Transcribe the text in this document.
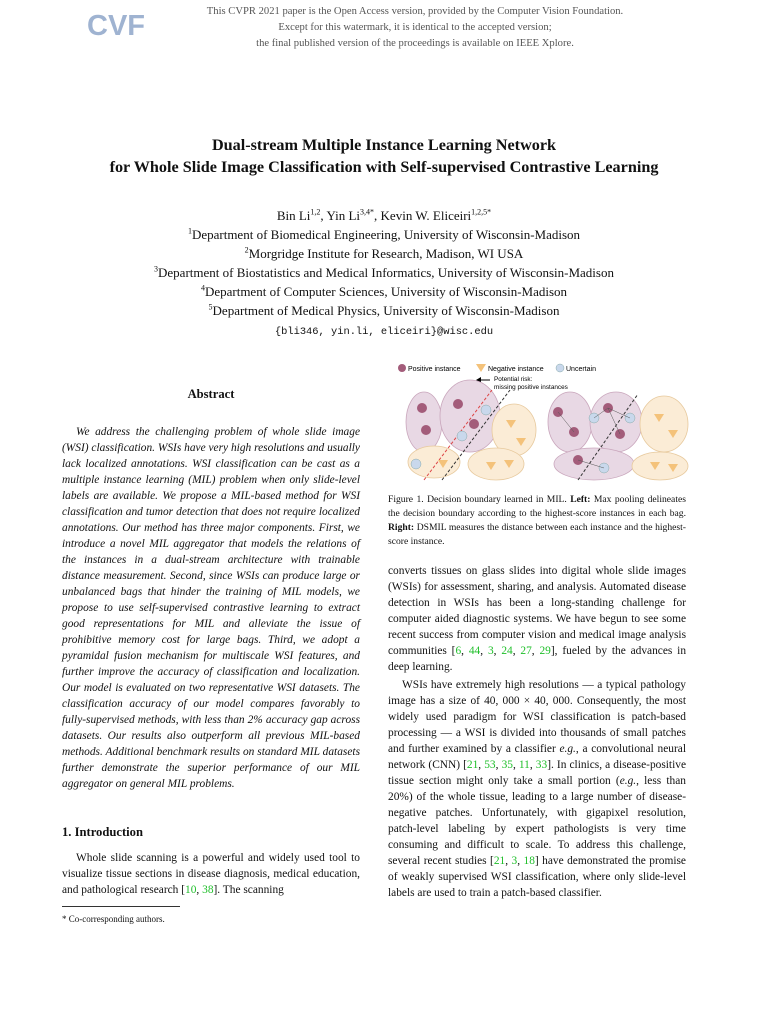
CVF	This CVPR 2021 paper is the Open Access version, provided by the Computer Vision Foundation.
Except for this watermark, it is identical to the accepted version;
the final published version of the proceedings is available on IEEE Xplore.
Dual-stream Multiple Instance Learning Network
for Whole Slide Image Classification with Self-supervised Contrastive Learning
Bin Li$^{1,2}$, Yin $Li^{3,4*}$, Kevin W. Eliceiri$^{1,2,5*}$
$^1$Department of Biomedical Engineering, University of Wisconsin-Madison
$^2$Morgridge Institute for Research, Madison, WI USA
$^3$Department of Biostatistics and Medical Informatics, University of Wisconsin-Madison
$^4$Department of Computer Sciences, University of Wisconsin-Madison
$^5$Department of Medical Physics, University of Wisconsin-Madison
{bli346, yin.li, eliceiri}@wisc.edu
Abstract

We address the challenging problem of whole slide image (WSI) classification. WSIs have very high resolutions and usually lack localized annotations. WSI classification can be cast as a multiple instance learning (MIL) problem when only slide-level labels are available. We propose a MIL-based method for WSI classification and tumor detection that does not require localized annotations. Our method has three major components. First, we introduce a novel MIL aggregator that models the relations of the instances in a dual-stream architecture with trainable distance measurement. Second, since WSIs can produce large or unbalanced bags that hinder the training of MIL models, we propose to use self-supervised contrastive learning to extract good representations for MIL and alleviate the issue of prohibitive memory cost for large bags. Third, we adopt a pyramidal fusion mechanism for multiscale WSI features, and further improve the accuracy of classification and localization. Our model is evaluated on two representative WSI datasets. The classification accuracy of our model compares favorably to fully-supervised methods, with less than 2% accuracy gap across datasets. Our results also outperform all previous MIL-based methods. Additional benchmark results on standard MIL datasets further demonstrate the superior performance of our MIL aggregator on general MIL problems.

1. Introduction

Whole slide scanning is a powerful and widely used tool to visualize tissue sections in disease diagnosis, medical education, and pathological research [10, 38]. The scanning

* Co-corresponding authors.
Positive instance	Negative instance	Uncertain
Potential risk:
missing positive instances
Figure 1. Decision boundary learned in MIL. Left: Max pooling delineates the decision boundary according to the highest-score instances in each bag. Right: DSMIL measures the distance between each instance and the highest-score instance.

converts tissues on glass slides into digital whole slide images (WSIs) for assessment, sharing, and analysis. Automated disease detection in WSIs has been a long-standing challenge for computer aided diagnostic systems. We have begun to see some recent success from computer vision and medical image analysis communities [6, 44, 3, 24, 27, 29], fueled by the advances in deep learning.

WSIs have extremely high resolutions — a typical pathology image has a size of 40, 000 × 40, 000. Consequently, the most widely used paradigm for WSI classification is patch-based processing — a WSI is divided into thousands of small patches and further examined by a classifier e.g., a convolutional neural network (CNN) [21, 53, 35, 11, 33]. In clinics, a disease-positive tissue section might only take a small portion (e.g., less than 20%) of the whole tissue, leading to a large number of disease-negative patches. Unfortunately, with gigapixel resolution, patch-level labeling by expert pathologists is very time consuming and difficult to scale. To address this challenge, several recent studies [21, 3, 18] have demonstrated the promise of weakly supervised WSI classification, where only slide-level labels are used to train a patch-based classifier.
